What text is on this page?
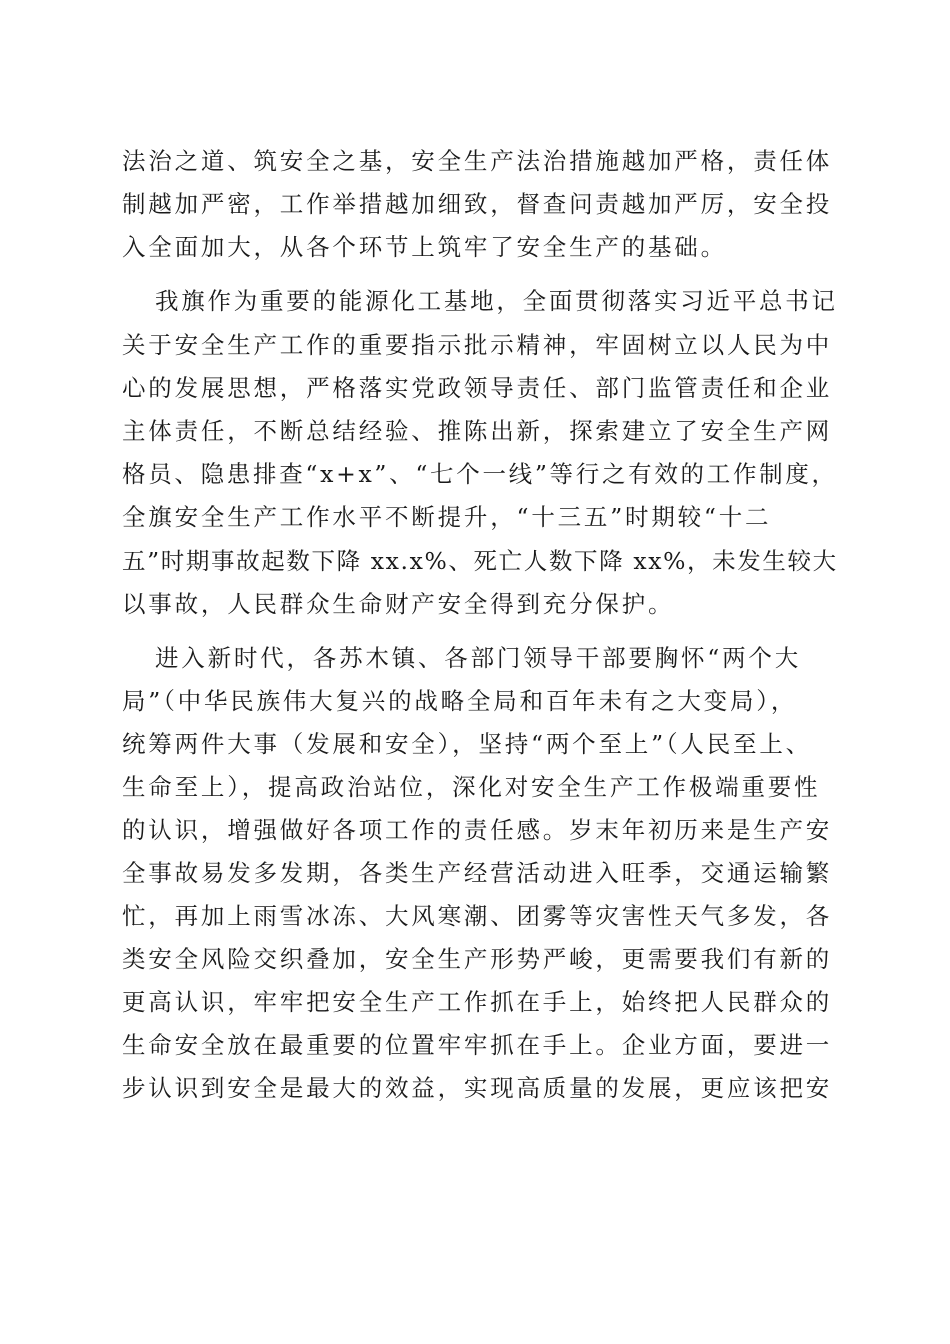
法治之道、筑安全之基，安全生产法治措施越加严格，责任体
制越加严密，工作举措越加细致，督查问责越加严厉，安全投
入全面加大，从各个环节上筑牢了安全生产的基础。
我旗作为重要的能源化工基地，全面贯彻落实习近平总书记
关于安全生产工作的重要指示批示精神，牢固树立以人民为中
心的发展思想，严格落实党政领导责任、部门监管责任和企业
主体责任，不断总结经验、推陈出新，探索建立了安全生产网
格员、隐患排查“x+x”、“七个一线”等行之有效的工作制度，
全旗安全生产工作水平不断提升，“十三五”时期较“十二
五”时期事故起数下降 xx.x%、死亡人数下降 xx%，未发生较大
以事故，人民群众生命财产安全得到充分保护。
进入新时代，各苏木镇、各部门领导干部要胸怀“两个大
局”（中华民族伟大复兴的战略全局和百年未有之大变局），
统筹两件大事（发展和安全），坚持“两个至上”（人民至上、
生命至上），提高政治站位，深化对安全生产工作极端重要性
的认识，增强做好各项工作的责任感。岁末年初历来是生产安
全事故易发多发期，各类生产经营活动进入旺季，交通运输繁
忙，再加上雨雪冰冻、大风寒潮、团雾等灾害性天气多发，各
类安全风险交织叠加，安全生产形势严峻，更需要我们有新的
更高认识，牢牢把安全生产工作抓在手上，始终把人民群众的
生命安全放在最重要的位置牢牢抓在手上。企业方面，要进一
步认识到安全是最大的效益，实现高质量的发展，更应该把安
